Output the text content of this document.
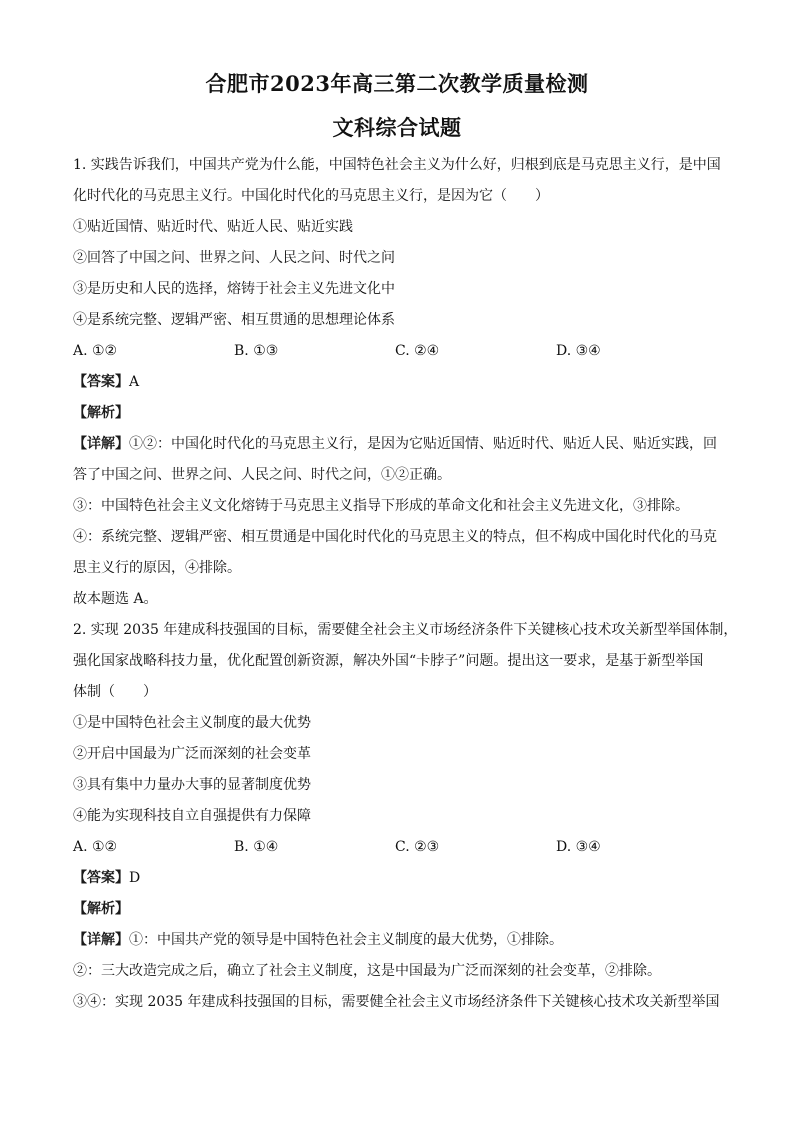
合肥市2023年高三第二次教学质量检测
文科综合试题

1. 实践告诉我们，中国共产党为什么能，中国特色社会主义为什么好，归根到底是马克思主义行，是中国

化时代化的马克思主义行。中国化时代化的马克思主义行，是因为它（　　）

①贴近国情、贴近时代、贴近人民、贴近实践

②回答了中国之问、世界之问、人民之问、时代之问

③是历史和人民的选择，熔铸于社会主义先进文化中

④是系统完整、逻辑严密、相互贯通的思想理论体系

A. ①②	B. ①③	C. ②④	D. ③④

【答案】A

【解析】

【详解】①②：中国化时代化的马克思主义行，是因为它贴近国情、贴近时代、贴近人民、贴近实践，回

答了中国之问、世界之问、人民之问、时代之问，①②正确。

③：中国特色社会主义文化熔铸于马克思主义指导下形成的革命文化和社会主义先进文化，③排除。

④：系统完整、逻辑严密、相互贯通是中国化时代化的马克思主义的特点，但不构成中国化时代化的马克

思主义行的原因，④排除。

故本题选 A。

2. 实现 2035 年建成科技强国的目标，需要健全社会主义市场经济条件下关键核心技术攻关新型举国体制，

强化国家战略科技力量，优化配置创新资源，解决外国“卡脖子”问题。提出这一要求，是基于新型举国

体制（　　）

①是中国特色社会主义制度的最大优势

②开启中国最为广泛而深刻的社会变革

③具有集中力量办大事的显著制度优势

④能为实现科技自立自强提供有力保障

A. ①②	B. ①④	C. ②③	D. ③④

【答案】D

【解析】

【详解】①：中国共产党的领导是中国特色社会主义制度的最大优势，①排除。

②：三大改造完成之后，确立了社会主义制度，这是中国最为广泛而深刻的社会变革，②排除。

③④：实现 2035 年建成科技强国的目标，需要健全社会主义市场经济条件下关键核心技术攻关新型举国
